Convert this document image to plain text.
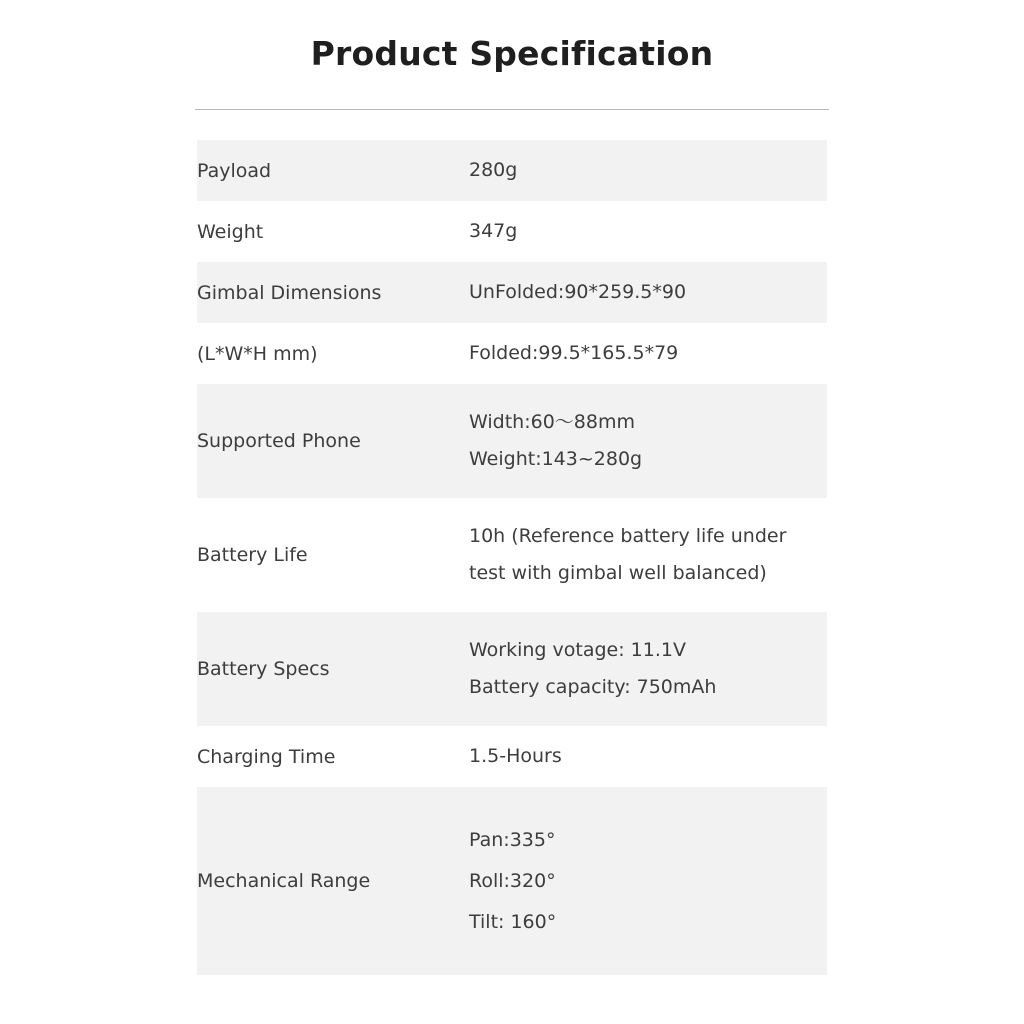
Product Specification
Payload	280g

Weight	347g

Gimbal Dimensions	UnFolded:90*259.5*90

(L*W*H mm)	Folded:99.5*165.5*79

Supported Phone	Width:60〜88mm
Weight:143~280g

Battery Life	10h (Reference battery life under
test with gimbal well balanced)

Battery Specs	Working votage: 11.1V
Battery capacity: 750mAh

Charging Time	1.5-Hours

Mechanical Range	Pan:335°
Roll:320°
Tilt: 160°
